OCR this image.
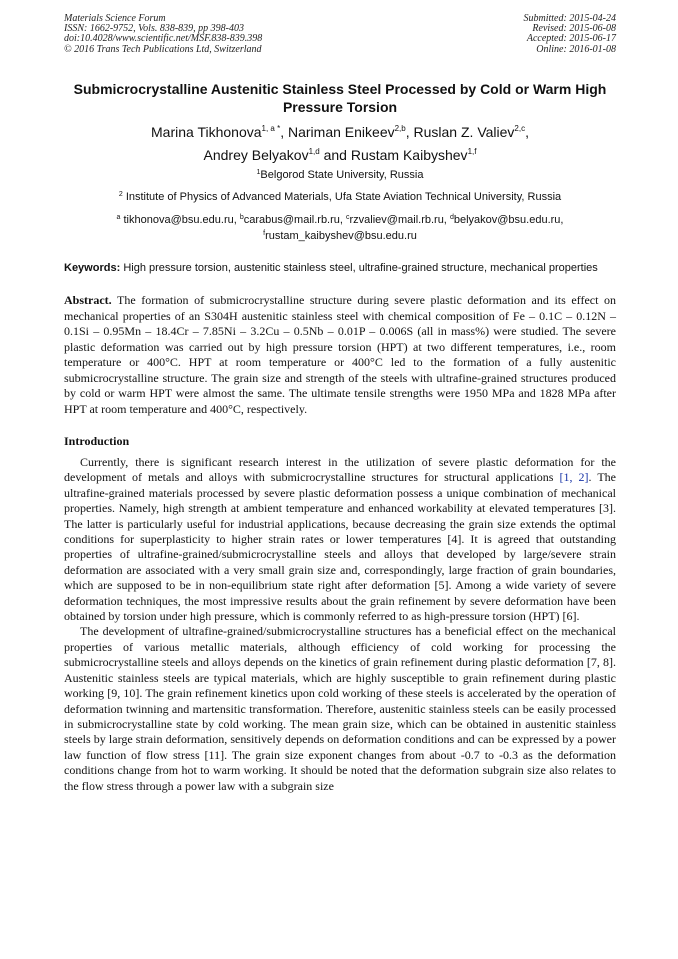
Materials Science Forum
ISSN: 1662-9752, Vols. 838-839, pp 398-403
doi:10.4028/www.scientific.net/MSF.838-839.398
© 2016 Trans Tech Publications Ltd, Switzerland
Submitted: 2015-04-24
Revised: 2015-06-08
Accepted: 2015-06-17
Online: 2016-01-08
Submicrocrystalline Austenitic Stainless Steel Processed by Cold or Warm High Pressure Torsion
Marina Tikhonova$^{1, a *}$, Nariman Enikeev$^{2,b}$, Ruslan Z. Valiev$^{2,c}$,
Andrey Belyakov$^{1,d}$ and Rustam Kaibyshev$^{1,f}$
$^1$Belgorod State University, Russia
$^2$ Institute of Physics of Advanced Materials, Ufa State Aviation Technical University, Russia
$^a$ tikhonova@bsu.edu.ru, $^b$carabus@mail.rb.ru, $^c$rzvaliev@mail.rb.ru, $^d$belyakov@bsu.edu.ru,
$^f$rustam_kaibyshev@bsu.edu.ru
Keywords: High pressure torsion, austenitic stainless steel, ultrafine-grained structure, mechanical properties
Abstract. The formation of submicrocrystalline structure during severe plastic deformation and its effect on mechanical properties of an S304H austenitic stainless steel with chemical composition of Fe – 0.1C – 0.12N – 0.1Si – 0.95Mn – 18.4Cr – 7.85Ni – 3.2Cu – 0.5Nb – 0.01P – 0.006S (all in mass%) were studied. The severe plastic deformation was carried out by high pressure torsion (HPT) at two different temperatures, i.e., room temperature or 400°C. HPT at room temperature or 400°C led to the formation of a fully austenitic submicrocrystalline structure. The grain size and strength of the steels with ultrafine-grained structures produced by cold or warm HPT were almost the same. The ultimate tensile strengths were 1950 MPa and 1828 MPa after HPT at room temperature and 400°C, respectively.
Introduction

Currently, there is significant research interest in the utilization of severe plastic deformation for the development of metals and alloys with submicrocrystalline structures for structural applications [1, 2]. The ultrafine-grained materials processed by severe plastic deformation possess a unique combination of mechanical properties. Namely, high strength at ambient temperature and enhanced workability at elevated temperatures [3]. The latter is particularly useful for industrial applications, because decreasing the grain size extends the optimal conditions for superplasticity to higher strain rates or lower temperatures [4]. It is agreed that outstanding properties of ultrafine-grained/submicrocrystalline steels and alloys that developed by large/severe strain deformation are associated with a very small grain size and, correspondingly, large fraction of grain boundaries, which are supposed to be in non-equilibrium state right after deformation [5]. Among a wide variety of severe deformation techniques, the most impressive results about the grain refinement by severe deformation have been obtained by torsion under high pressure, which is commonly referred to as high-pressure torsion (HPT) [6].

The development of ultrafine-grained/submicrocrystalline structures has a beneficial effect on the mechanical properties of various metallic materials, although efficiency of cold working for processing the submicrocrystalline steels and alloys depends on the kinetics of grain refinement during plastic deformation [7, 8]. Austenitic stainless steels are typical materials, which are highly susceptible to grain refinement during plastic working [9, 10]. The grain refinement kinetics upon cold working of these steels is accelerated by the operation of deformation twinning and martensitic transformation. Therefore, austenitic stainless steels can be easily processed in submicrocrystalline state by cold working. The mean grain size, which can be obtained in austenitic stainless steels by large strain deformation, sensitively depends on deformation conditions and can be expressed by a power law function of flow stress [11]. The grain size exponent changes from about -0.7 to -0.3 as the deformation conditions change from hot to warm working. It should be noted that the deformation subgrain size also relates to the flow stress through a power law with a subgrain size
